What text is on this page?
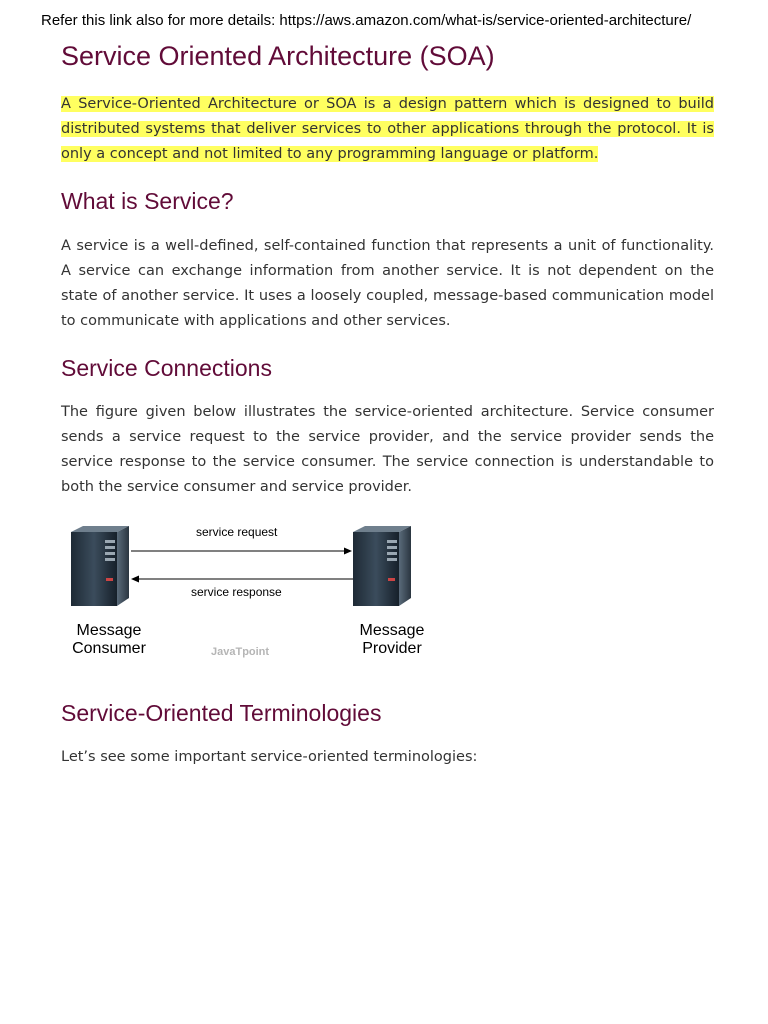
Refer this link also for more details: https://aws.amazon.com/what-is/service-oriented-architecture/
Service Oriented Architecture (SOA)

A Service-Oriented Architecture or SOA is a design pattern which is designed to build distributed systems that deliver services to other applications through the protocol. It is only a concept and not limited to any programming language or platform.

What is Service?

A service is a well-defined, self-contained function that represents a unit of functionality. A service can exchange information from another service. It is not dependent on the state of another service. It uses a loosely coupled, message-based communication model to communicate with applications and other services.

Service Connections

The figure given below illustrates the service-oriented architecture. Service consumer sends a service request to the service provider, and the service provider sends the service response to the service consumer. The service connection is understandable to both the service consumer and service provider.

service request
service response
Message
Consumer
Message
Provider
JavaTpoint
Service-Oriented Terminologies

Let’s see some important service-oriented terminologies:
